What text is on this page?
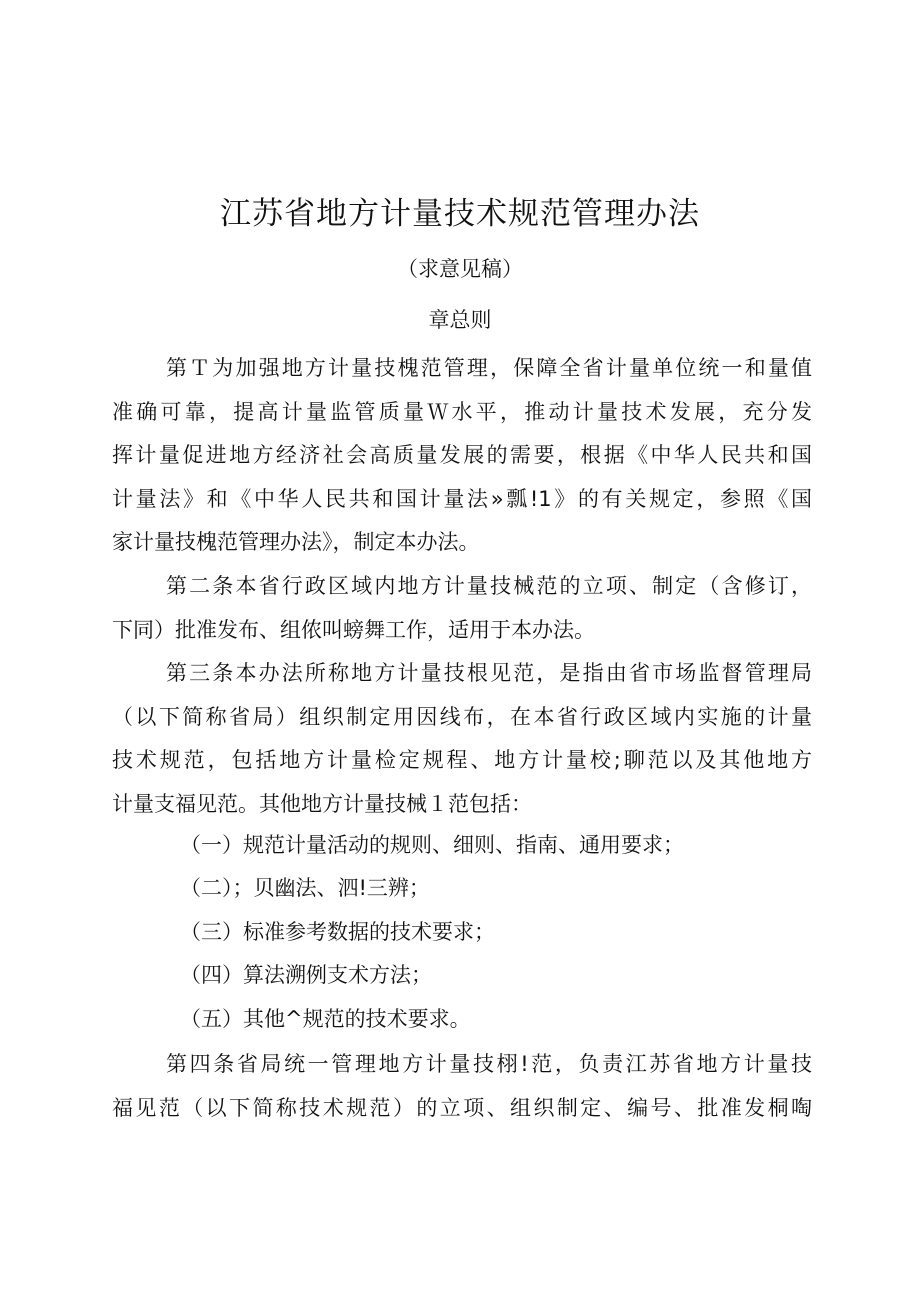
江苏省地方计量技术规范管理办法
（求意见稿）
章总则
第Ｔ为加强地方计量技槐范管理，保障全省计量单位统一和量值
准确可靠，提高计量监管质量Ｗ水平，推动计量技术发展，充分发
挥计量促进地方经济社会高质量发展的需要，根据《中华人民共和国
计量法》和《中华人民共和国计量法»瓢!1》的有关规定，参照《国
家计量技槐范管理办法》，制定本办法。
第二条本省行政区域内地方计量技械范的立项、制定（含修订，
下同）批准发布、组侬叫螃舞工作，适用于本办法。
第三条本办法所称地方计量技根见范，是指由省市场监督管理局
（以下简称省局）组织制定用因线布，在本省行政区域内实施的计量
技术规范，包括地方计量检定规程、地方计量校;聊范以及其他地方
计量支福见范。其他地方计量技械１范包括：
（一）规范计量活动的规则、细则、指南、通用要求；
（二）；贝幽法、泗!三辨；
（三）标准参考数据的技术要求；
（四）算法溯例支术方法；
（五）其他^规范的技术要求。
第四条省局统一管理地方计量技栩!范，负责江苏省地方计量技
福见范（以下简称技术规范）的立项、组织制定、编号、批准发桐啕
